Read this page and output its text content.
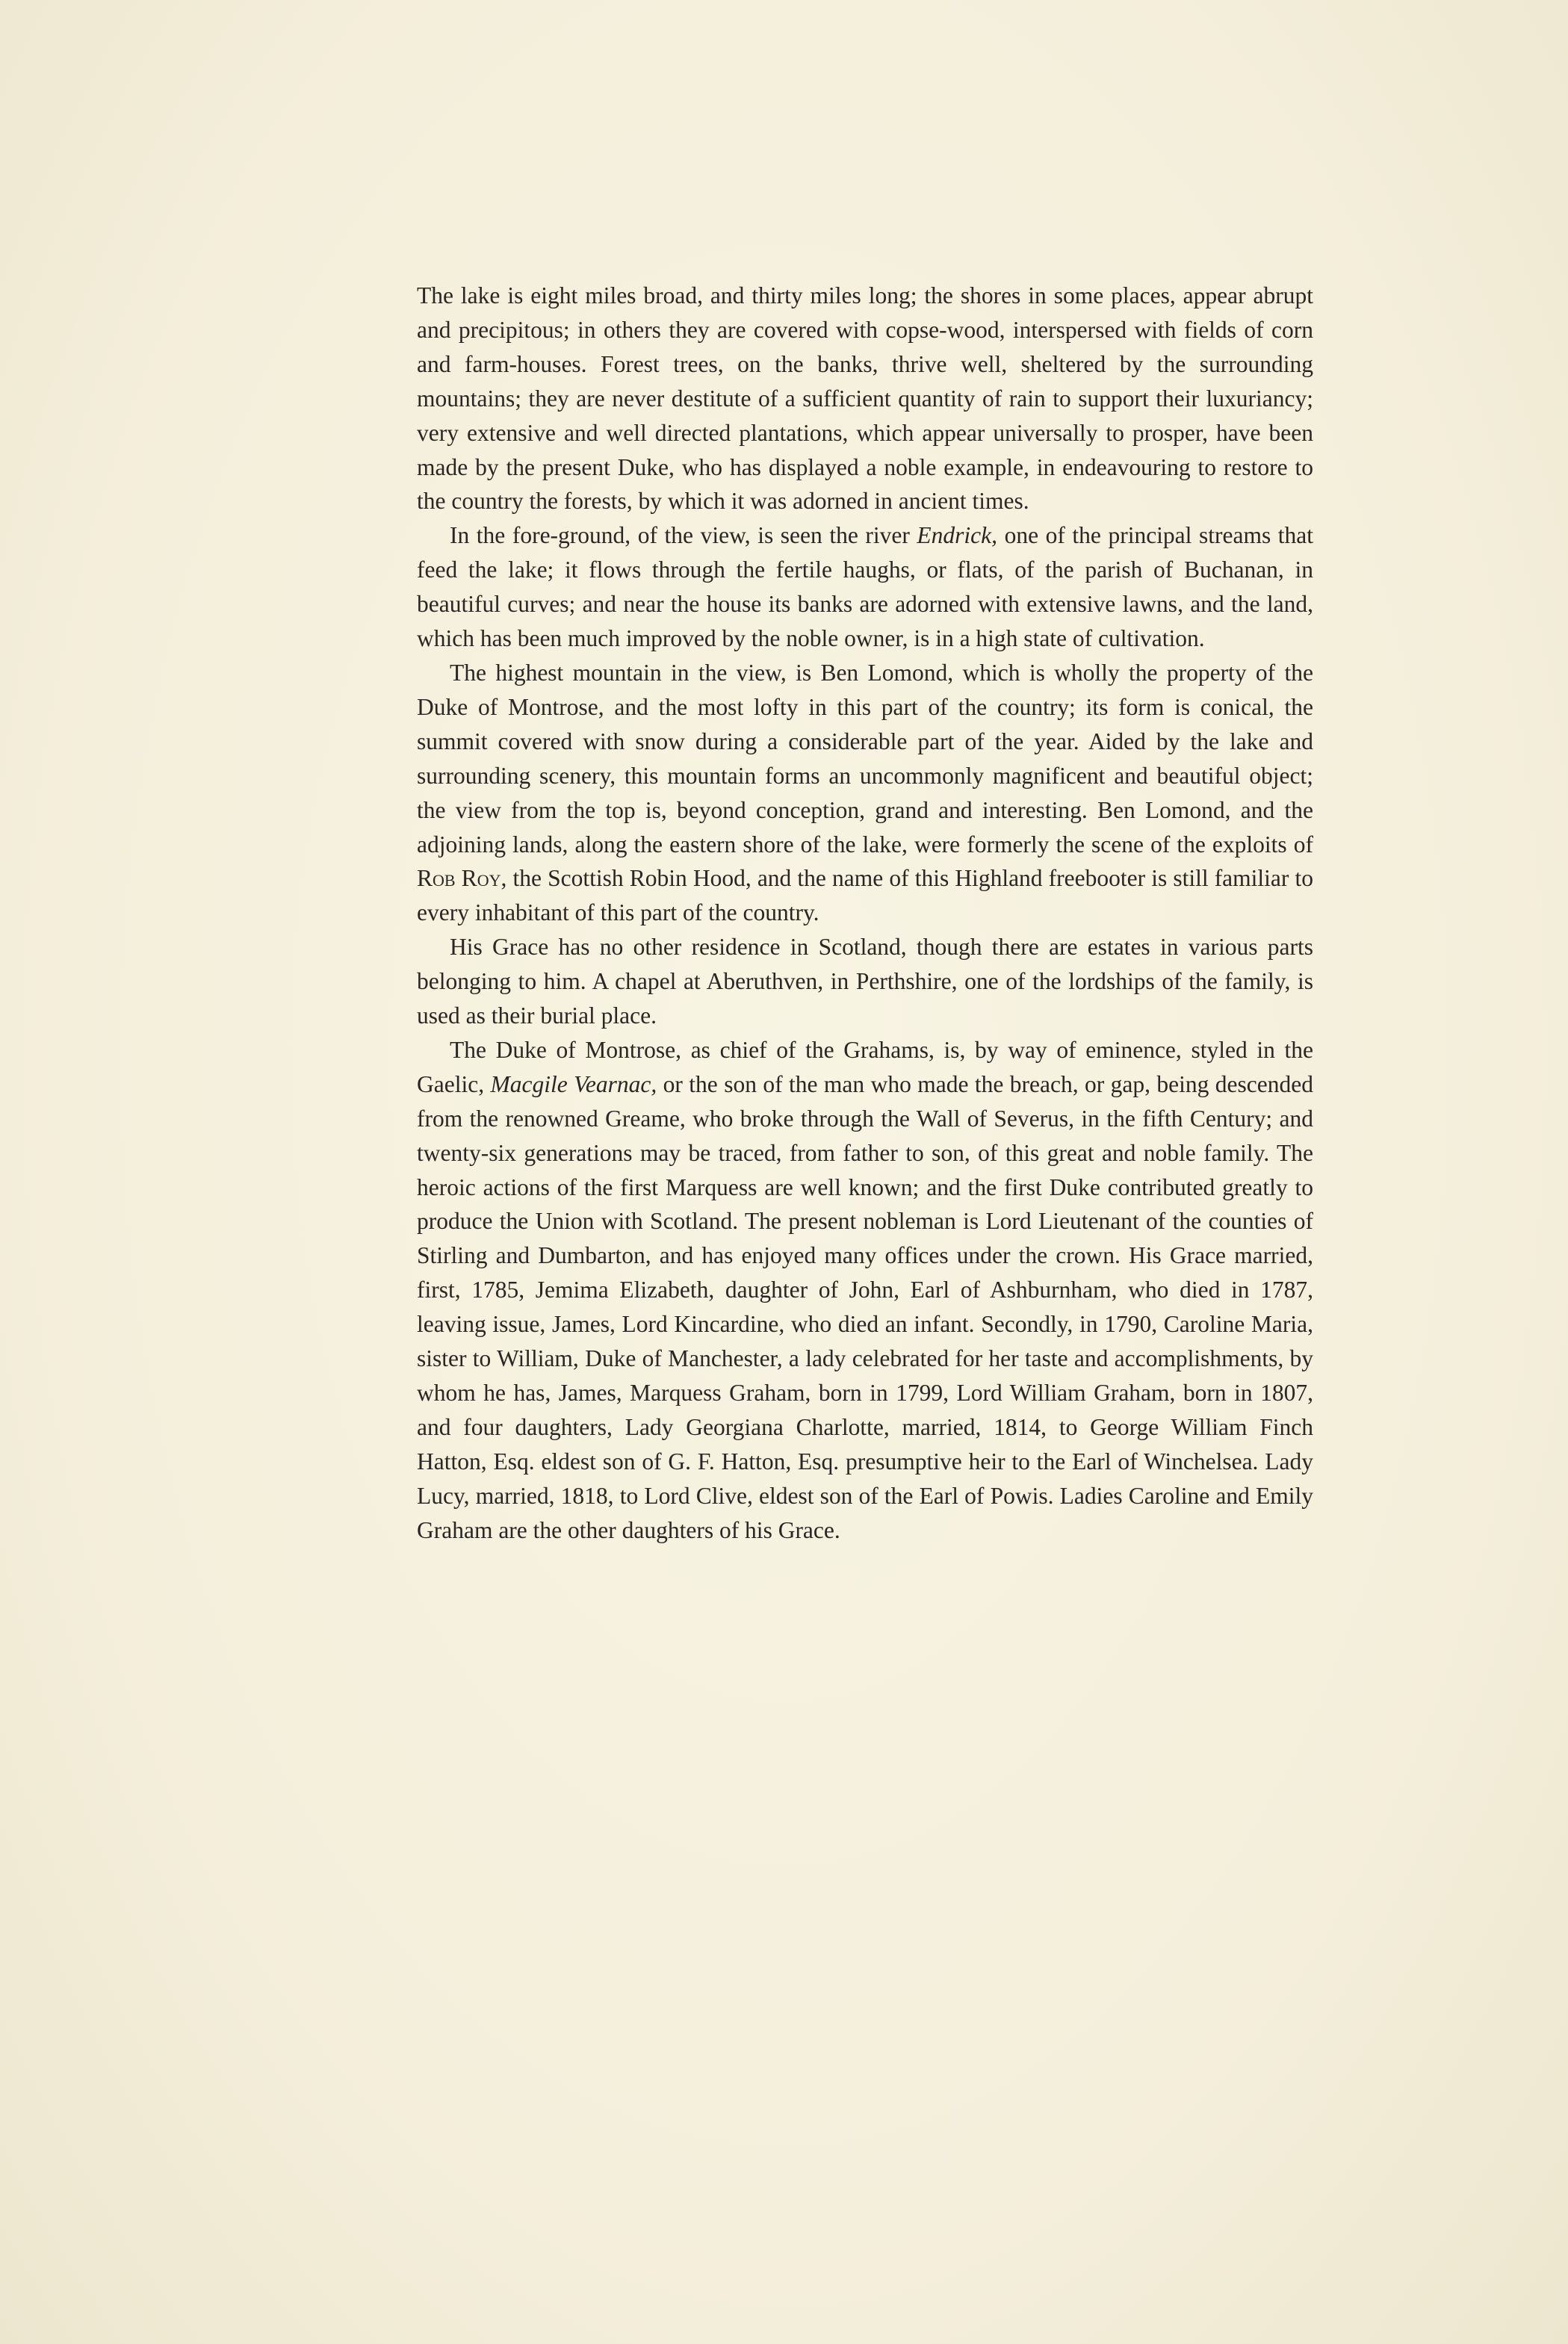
The lake is eight miles broad, and thirty miles long; the shores in some places, appear abrupt and precipitous; in others they are covered with copse-wood, interspersed with fields of corn and farm-houses. Forest trees, on the banks, thrive well, sheltered by the surrounding mountains; they are never destitute of a sufficient quantity of rain to support their luxuriancy; very extensive and well directed plantations, which appear universally to prosper, have been made by the present Duke, who has displayed a noble example, in endeavouring to restore to the country the forests, by which it was adorned in ancient times.

In the fore-ground, of the view, is seen the river Endrick, one of the principal streams that feed the lake; it flows through the fertile haughs, or flats, of the parish of Buchanan, in beautiful curves; and near the house its banks are adorned with extensive lawns, and the land, which has been much improved by the noble owner, is in a high state of cultivation.

The highest mountain in the view, is Ben Lomond, which is wholly the property of the Duke of Montrose, and the most lofty in this part of the country; its form is conical, the summit covered with snow during a considerable part of the year. Aided by the lake and surrounding scenery, this mountain forms an uncommonly magnificent and beautiful object; the view from the top is, beyond conception, grand and interesting. Ben Lomond, and the adjoining lands, along the eastern shore of the lake, were formerly the scene of the exploits of Rob Roy, the Scottish Robin Hood, and the name of this Highland freebooter is still familiar to every inhabitant of this part of the country.

His Grace has no other residence in Scotland, though there are estates in various parts belonging to him. A chapel at Aberuthven, in Perthshire, one of the lordships of the family, is used as their burial place.

The Duke of Montrose, as chief of the Grahams, is, by way of eminence, styled in the Gaelic, Macgile Vearnac, or the son of the man who made the breach, or gap, being descended from the renowned Greame, who broke through the Wall of Severus, in the fifth Century; and twenty-six generations may be traced, from father to son, of this great and noble family. The heroic actions of the first Marquess are well known; and the first Duke contributed greatly to produce the Union with Scotland. The present nobleman is Lord Lieutenant of the counties of Stirling and Dumbarton, and has enjoyed many offices under the crown. His Grace married, first, 1785, Jemima Elizabeth, daughter of John, Earl of Ashburnham, who died in 1787, leaving issue, James, Lord Kincardine, who died an infant. Secondly, in 1790, Caroline Maria, sister to William, Duke of Manchester, a lady celebrated for her taste and accomplishments, by whom he has, James, Marquess Graham, born in 1799, Lord William Graham, born in 1807, and four daughters, Lady Georgiana Charlotte, married, 1814, to George William Finch Hatton, Esq. eldest son of G. F. Hatton, Esq. presumptive heir to the Earl of Winchelsea. Lady Lucy, married, 1818, to Lord Clive, eldest son of the Earl of Powis. Ladies Caroline and Emily Graham are the other daughters of his Grace.
